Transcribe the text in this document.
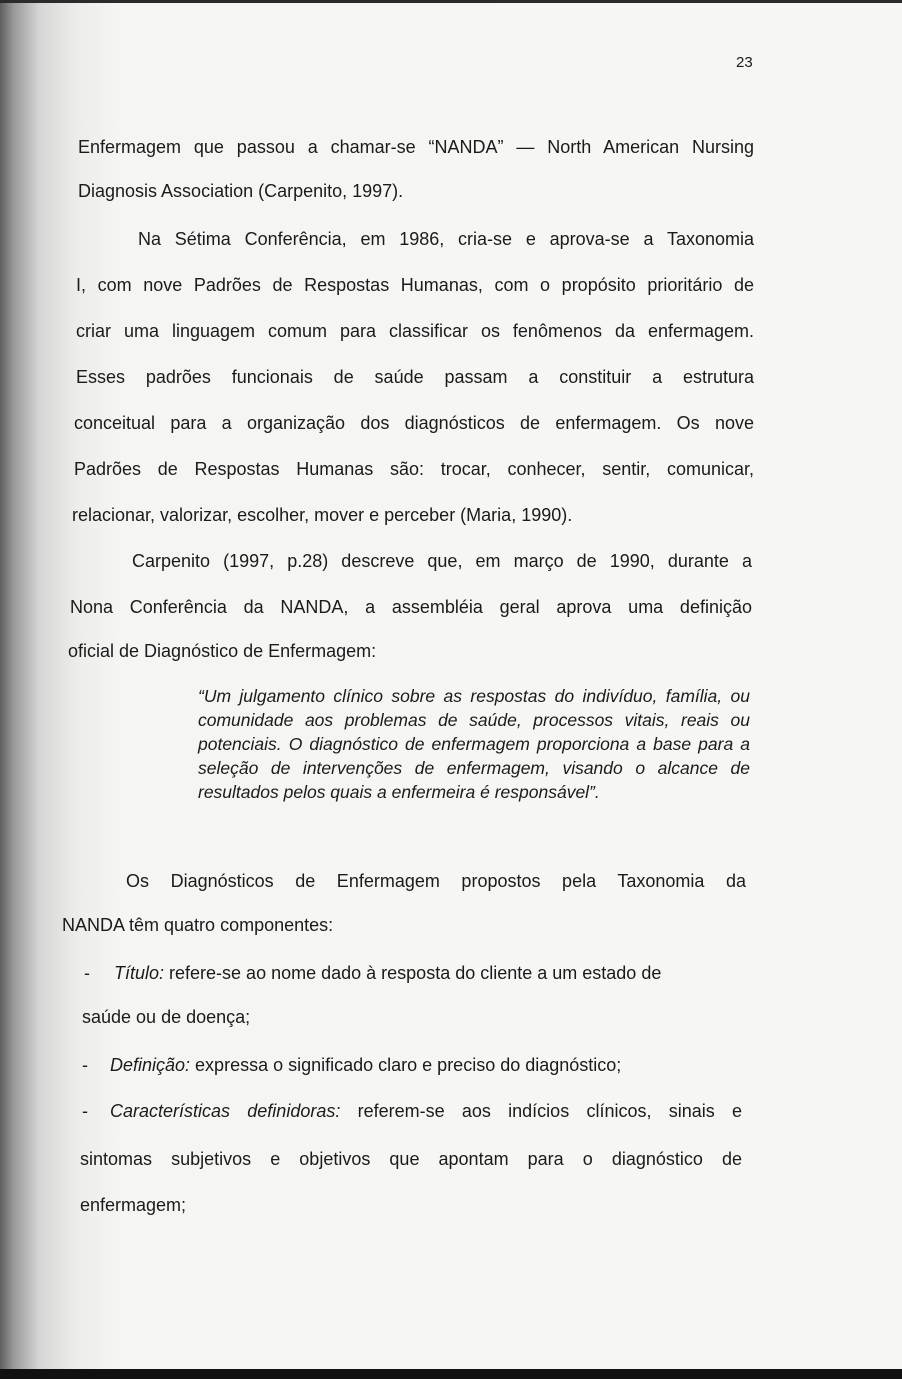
23
Enfermagem que passou a chamar-se “NANDA” — North American Nursing
Diagnosis Association (Carpenito, 1997).
Na Sétima Conferência, em 1986, cria-se e aprova-se a Taxonomia
I, com nove Padrões de Respostas Humanas, com o propósito prioritário de
criar uma linguagem comum para classificar os fenômenos da enfermagem.
Esses padrões funcionais de saúde passam a constituir a estrutura
conceitual para a organização dos diagnósticos de enfermagem. Os nove
Padrões de Respostas Humanas são: trocar, conhecer, sentir, comunicar,
relacionar, valorizar, escolher, mover e perceber (Maria, 1990).
Carpenito (1997, p.28) descreve que, em março de 1990, durante a
Nona Conferência da NANDA, a assembléia geral aprova uma definição
oficial de Diagnóstico de Enfermagem:
“Um julgamento clínico sobre as respostas do indivíduo, família, ou comunidade aos problemas de saúde, processos vitais, reais ou potenciais. O diagnóstico de enfermagem proporciona a base para a seleção de intervenções de enfermagem, visando o alcance de resultados pelos quais a enfermeira é responsável”.
Os Diagnósticos de Enfermagem propostos pela Taxonomia da
NANDA têm quatro componentes:
- Título: refere-se ao nome dado à resposta do cliente a um estado de
saúde ou de doença;
- Definição: expressa o significado claro e preciso do diagnóstico;
- Características definidoras: referem-se aos indícios clínicos, sinais e
sintomas subjetivos e objetivos que apontam para o diagnóstico de
enfermagem;
